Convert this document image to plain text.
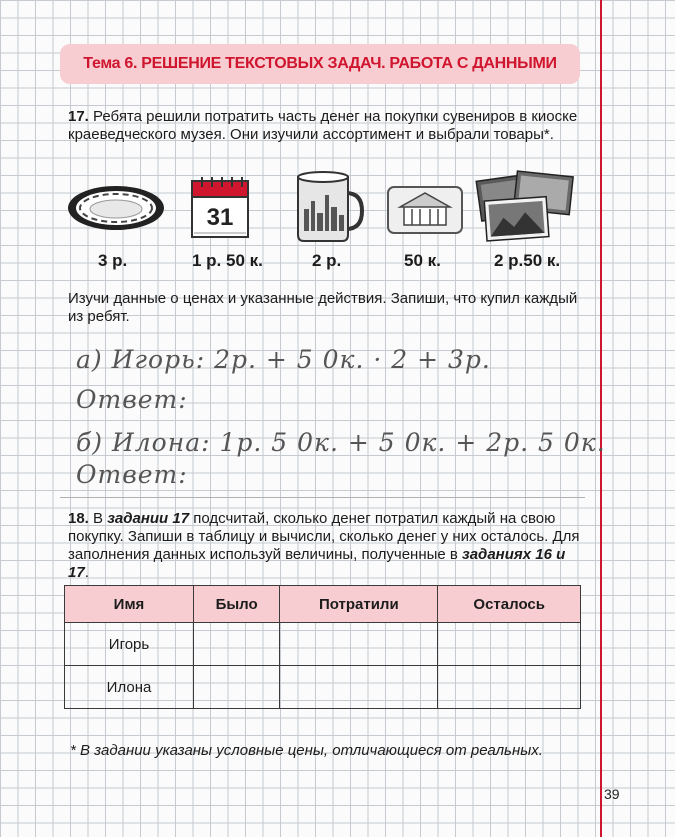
Тема 6. РЕШЕНИЕ ТЕКСТОВЫХ ЗАДАЧ. РАБОТА С ДАННЫМИ
17. Ребята решили потратить часть денег на покупки сувениров в киоске краеведческого музея. Они изучили ассортимент и выбрали товары*.
31
3 р.	1 р. 50 к.	2 р.	50 к.	2 р.50 к.
Изучи данные о ценах и указанные действия. Запиши, что купил каждый из ребят.
а) Игорь: 2р. + 5 0к. · 2 + 3р.
Ответ:
б) Илона: 1р. 5 0к. + 5 0к. + 2р. 5 0к.
Ответ:
18. В задании 17 подсчитай, сколько денег потратил каждый на свою покупку. Запиши в таблицу и вычисли, сколько денег у них осталось. Для заполнения данных используй величины, полученные в заданиях 16 и 17.
Имя	Было	Потратили	Осталось
Игорь			
Илона			
* В задании указаны условные цены, отличающиеся от реальных.
39
